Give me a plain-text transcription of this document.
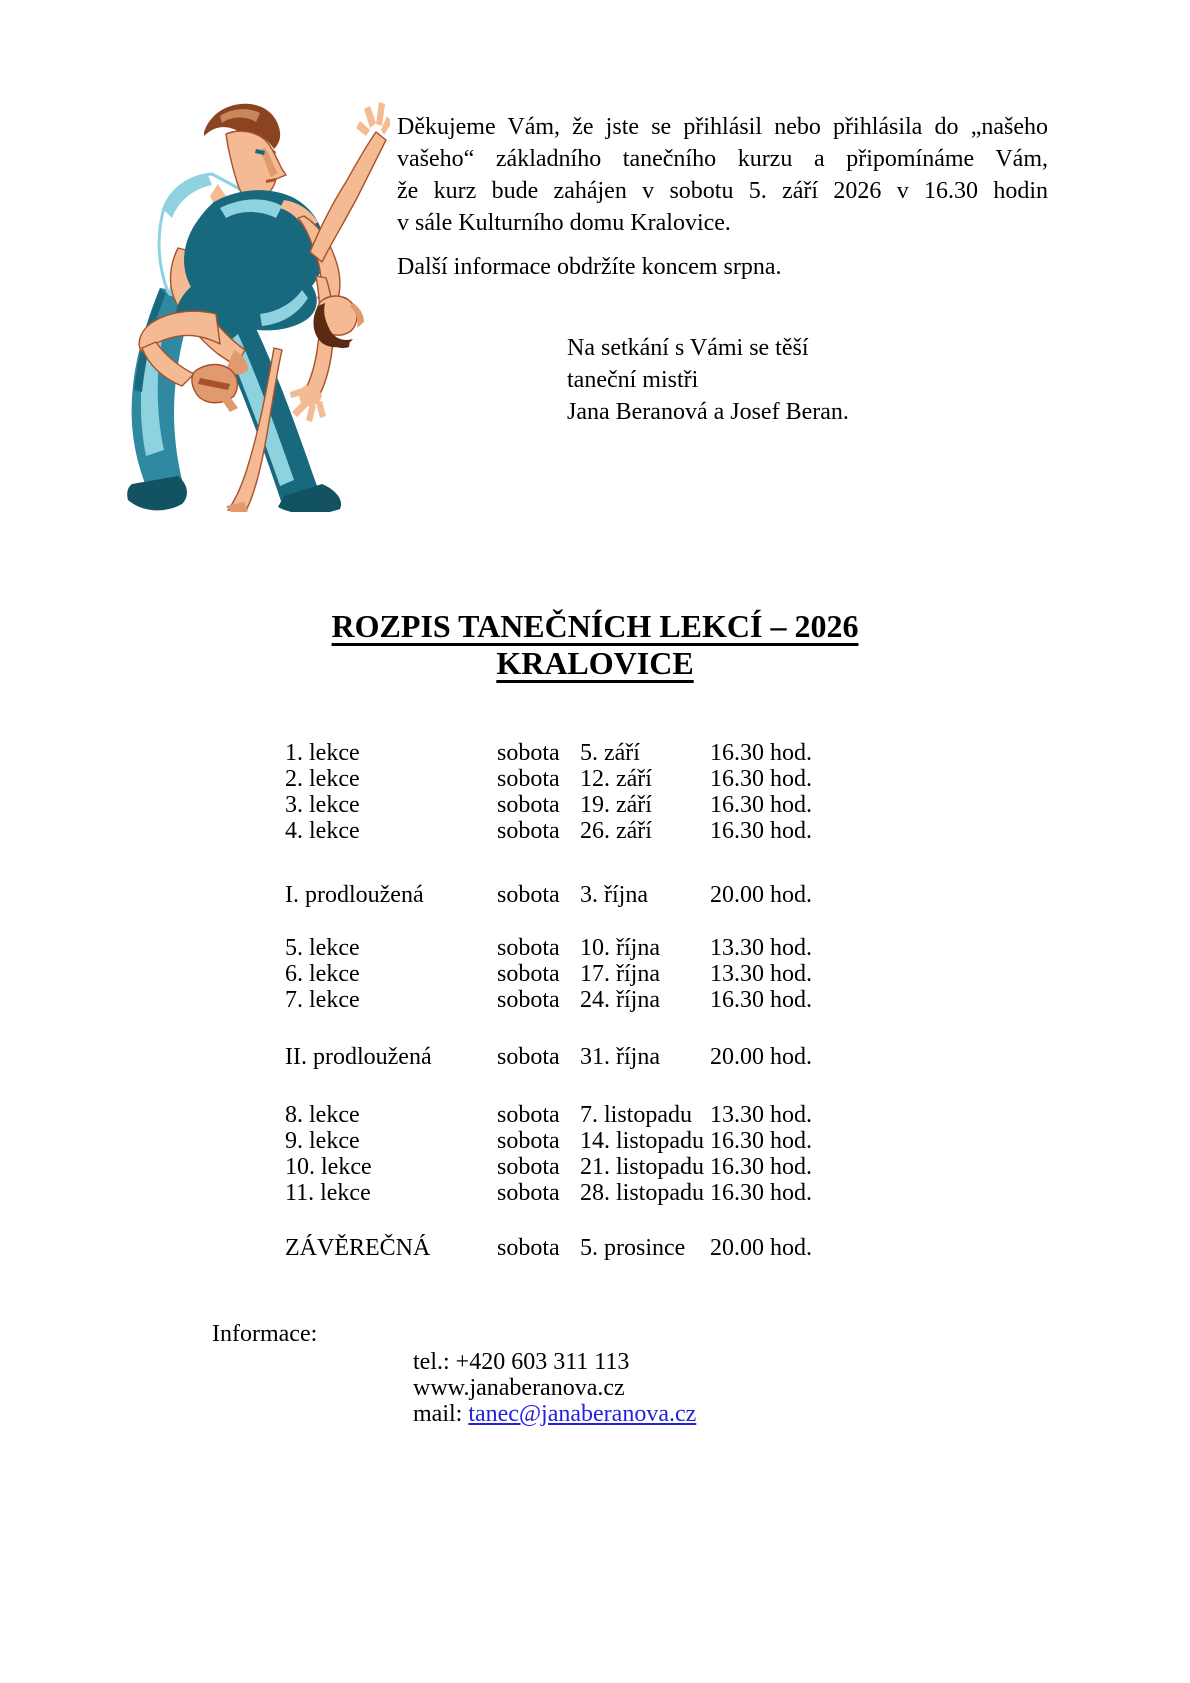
Děkujeme Vám, že jste se přihlásil nebo přihlásila do „našeho
vašeho“ základního tanečního kurzu a připomínáme Vám,
že kurz bude zahájen v sobotu 5. září 2026 v 16.30 hodin
v sále Kulturního domu Kralovice.
Další informace obdržíte koncem srpna.
Na setkání s Vámi se těší
taneční mistři
Jana Beranová a Josef Beran.
ROZPIS TANEČNÍCH LEKCÍ – 2026
KRALOVICE
1. lekce	sobota 5. září	16.30 hod.
2. lekce	sobota 12. září 16.30 hod.
3. lekce	sobota 19. září 16.30 hod.
4. lekce	sobota 26. září 16.30 hod.
I. prodloužená	sobota 3. října	20.00 hod.
5. lekce	sobota 10. října 13.30 hod.
6. lekce	sobota 17. října 13.30 hod.
7. lekce	sobota 24. října 16.30 hod.
II. prodloužená	sobota 31. října 20.00 hod.
8. lekce	sobota 7. listopadu 13.30 hod.
9. lekce	sobota 14. listopadu 16.30 hod.
10. lekce	sobota 21. listopadu 16.30 hod.
11. lekce	sobota 28. listopadu 16.30 hod.
ZÁVĚREČNÁ	sobota 5. prosince 20.00 hod.
Informace:
tel.: +420 603 311 113
www.janaberanova.cz
mail: tanec@janaberanova.cz
